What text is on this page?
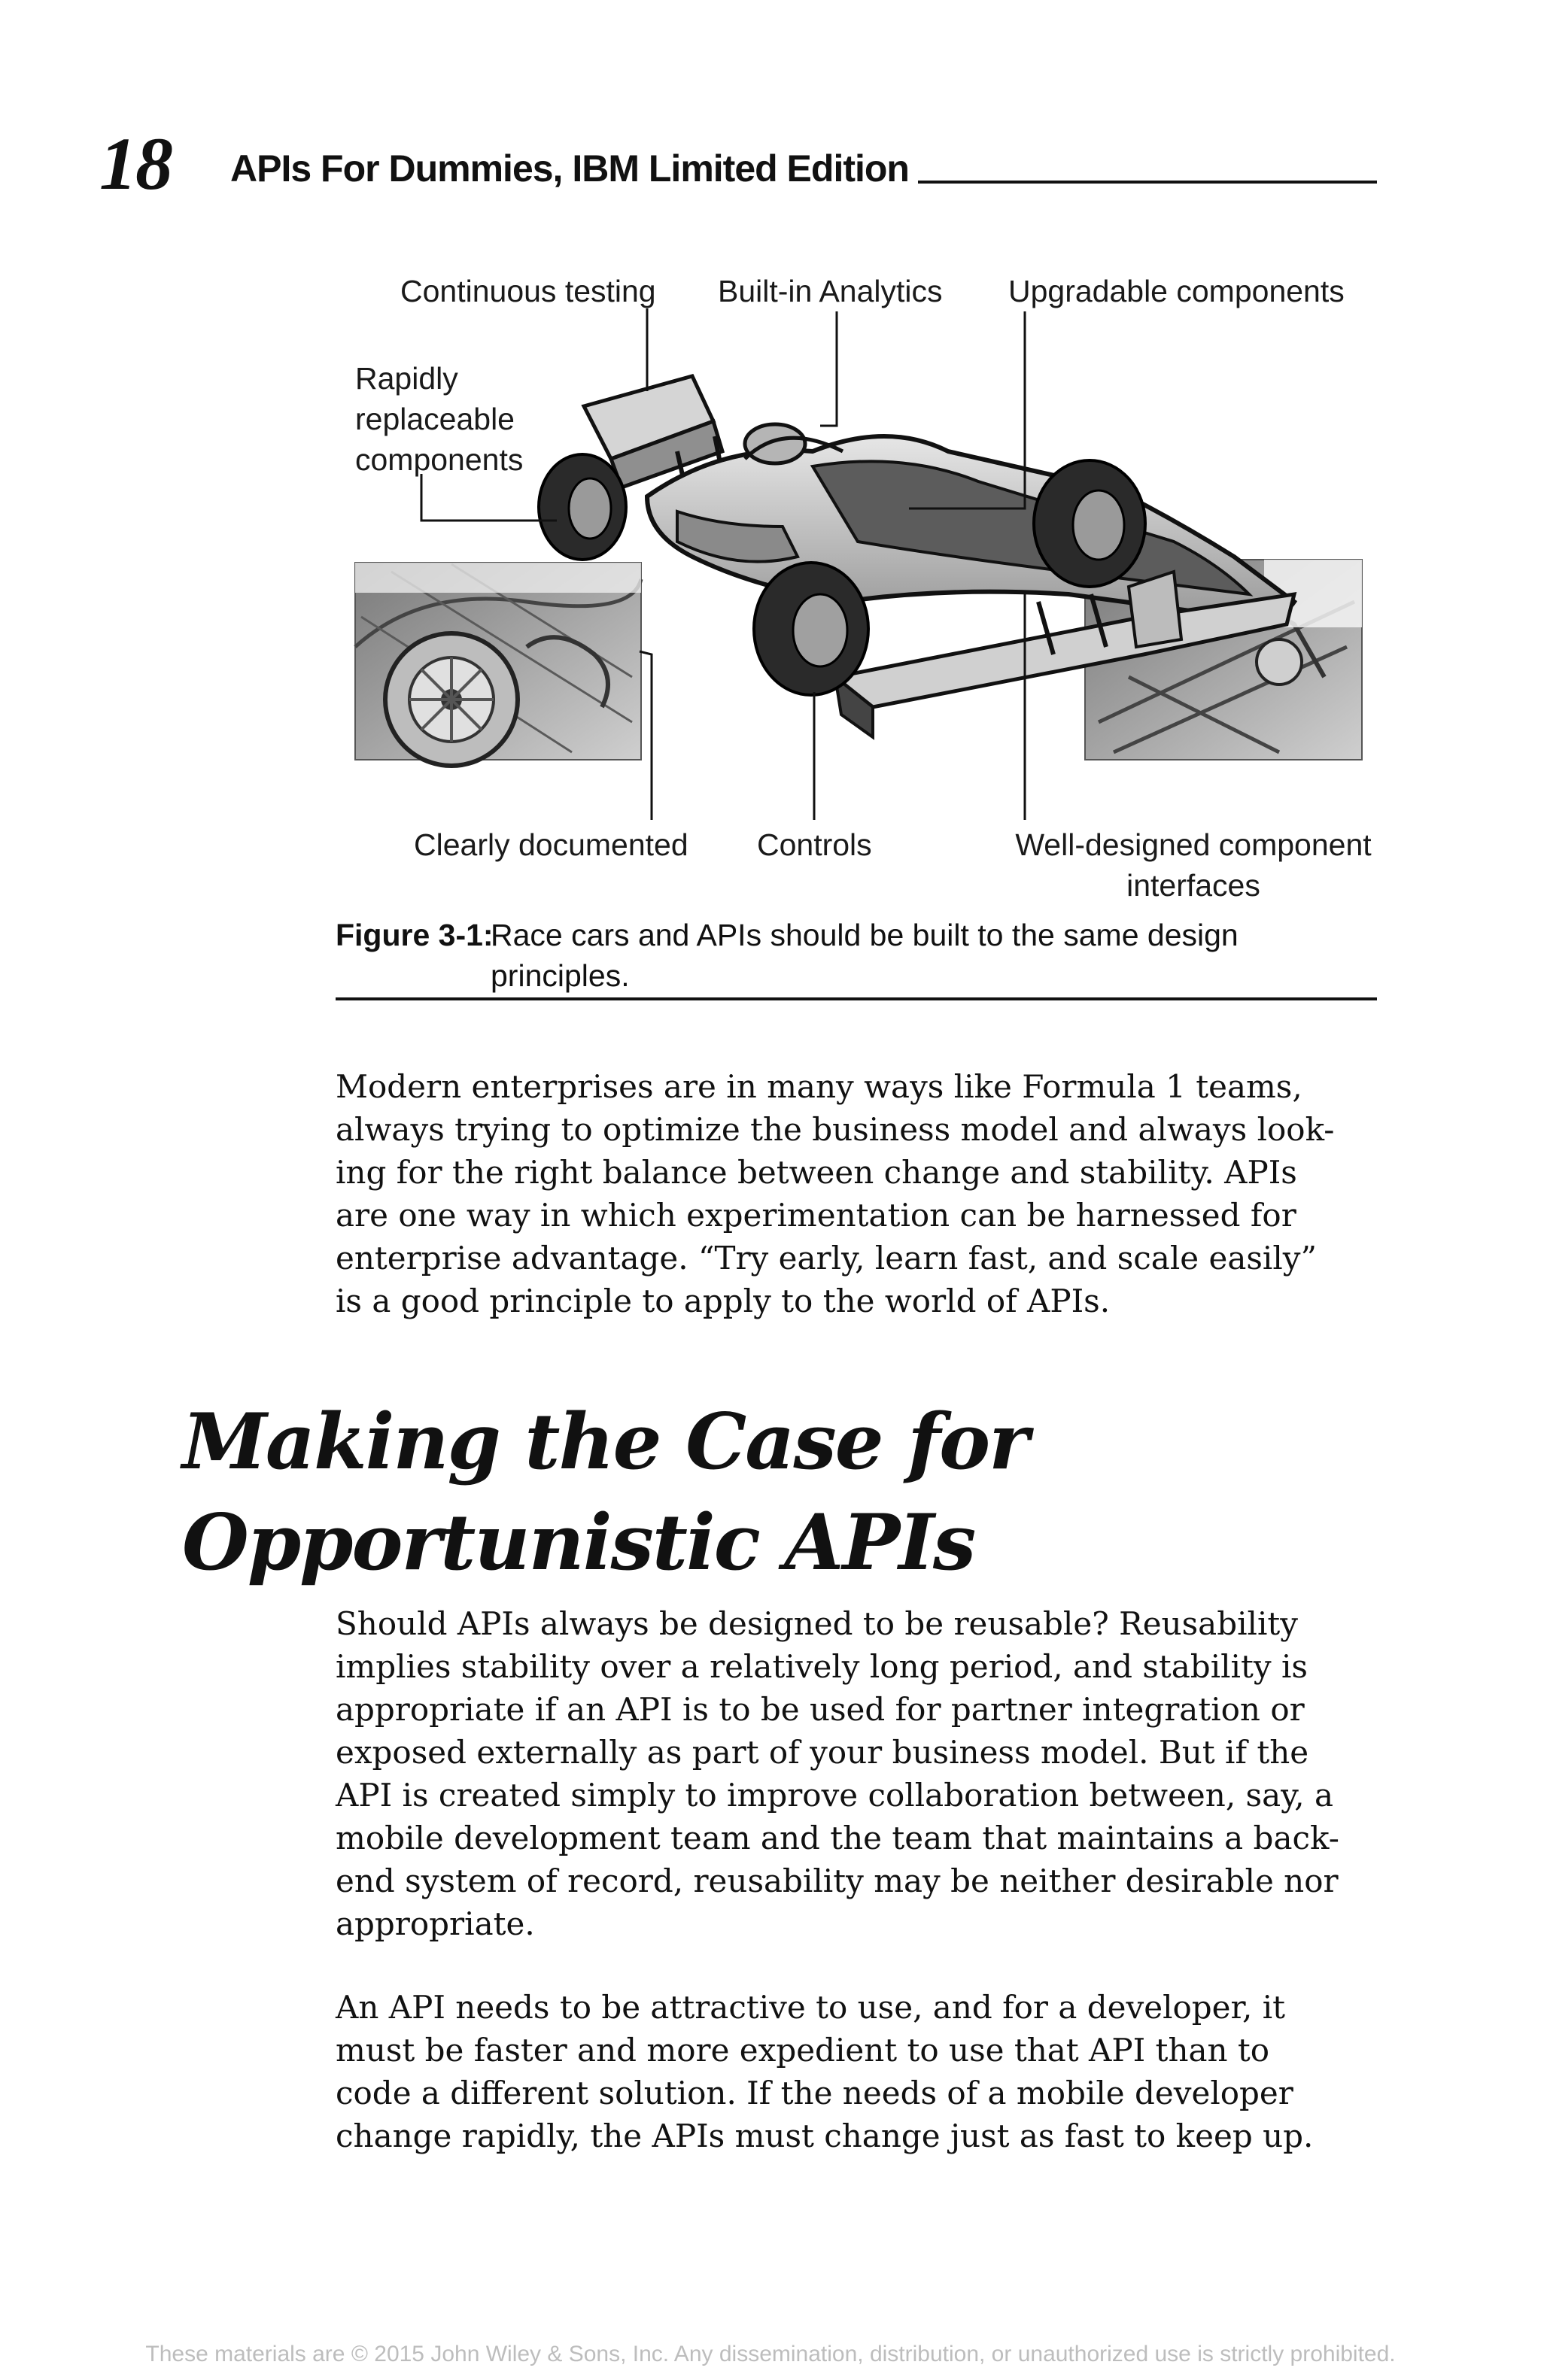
18 APIs For Dummies, IBM Limited Edition
Continuous testing Built-in Analytics Upgradable components
Rapidly
replaceable
components
Clearly documented Controls	Well-designed component
interfaces
Figure 3-1:Race cars and APIs should be built to the same design
principles.
Modern enterprises are in many ways like Formula 1 teams,
always trying to optimize the business model and always look-
ing for the right balance between change and stability. APIs
are one way in which experimentation can be harnessed for
enterprise advantage. “Try early, learn fast, and scale easily”
is a good principle to apply to the world of APIs.
Making the Case for
Opportunistic APIs
Should APIs always be designed to be reusable? Reusability
implies stability over a relatively long period, and stability is
appropriate if an API is to be used for partner integration or
exposed externally as part of your business model. But if the
API is created simply to improve collaboration between, say, a
mobile development team and the team that maintains a back-
end system of record, reusability may be neither desirable nor
appropriate.
An API needs to be attractive to use, and for a developer, it
must be faster and more expedient to use that API than to
code a different solution. If the needs of a mobile developer
change rapidly, the APIs must change just as fast to keep up.
These materials are © 2015 John Wiley & Sons, Inc. Any dissemination, distribution, or unauthorized use is strictly prohibited.
